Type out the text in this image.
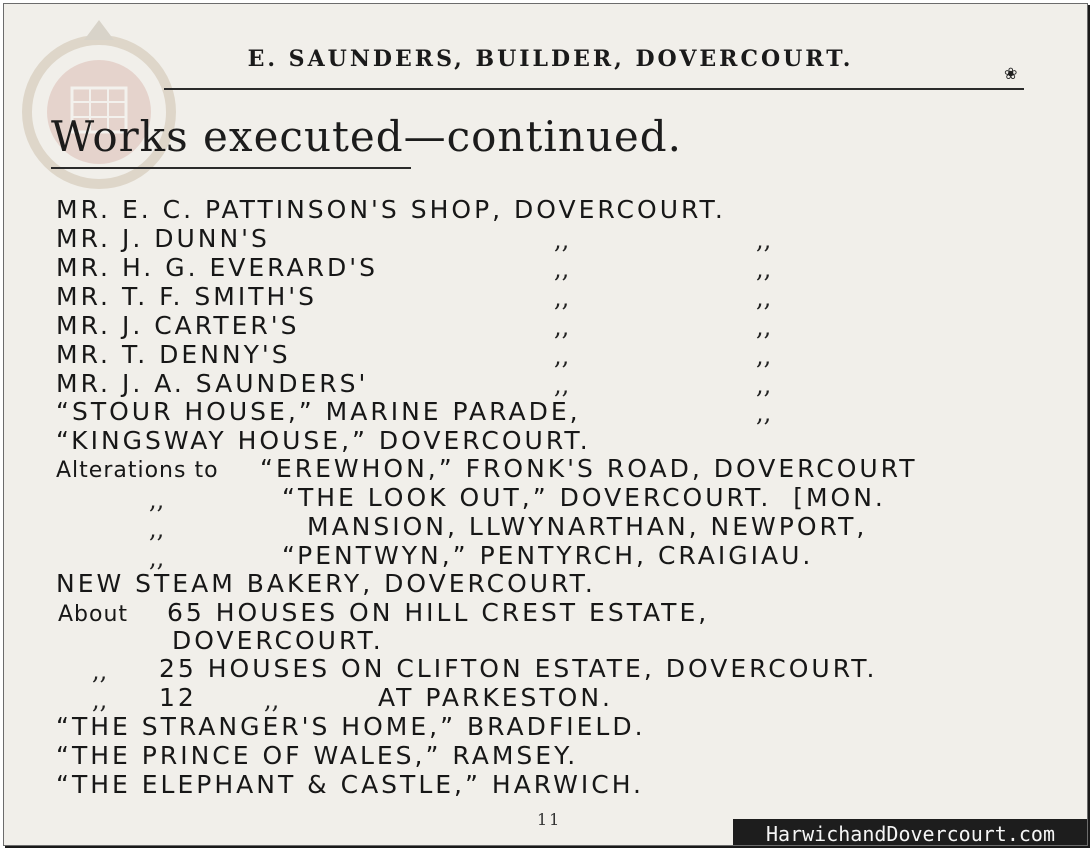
E. SAUNDERS, BUILDER, DOVERCOURT.
❀
Works executed—continued.
MR. E. C. PATTINSON'S SHOP, DOVERCOURT.
MR. J. DUNN'S	,,	,,
MR. H. G. EVERARD'S	,,	,,
MR. T. F. SMITH'S	,,	,,
MR. J. CARTER'S	,,	,,
MR. T. DENNY'S	,,	,,
MR. J. A. SAUNDERS'	,,	,,
“STOUR HOUSE,” MARINE PARADE,	,,
“KINGSWAY HOUSE,” DOVERCOURT.
Alterations to “EREWHON,” FRONK'S ROAD, DOVERCOURT
,,	“THE LOOK OUT,” DOVERCOURT.  [MON.
,,	MANSION, LLWYNARTHAN, NEWPORT,
,,	“PENTWYN,” PENTYRCH, CRAIGIAU.
NEW STEAM BAKERY, DOVERCOURT.
About 65 HOUSES ON HILL CREST ESTATE,
DOVERCOURT.
,, 25 HOUSES ON CLIFTON ESTATE, DOVERCOURT.
,, 12	,,	AT PARKESTON.
“THE STRANGER'S HOME,” BRADFIELD.
“THE PRINCE OF WALES,” RAMSEY.
“THE ELEPHANT & CASTLE,” HARWICH.
11
HarwichandDovercourt.com
